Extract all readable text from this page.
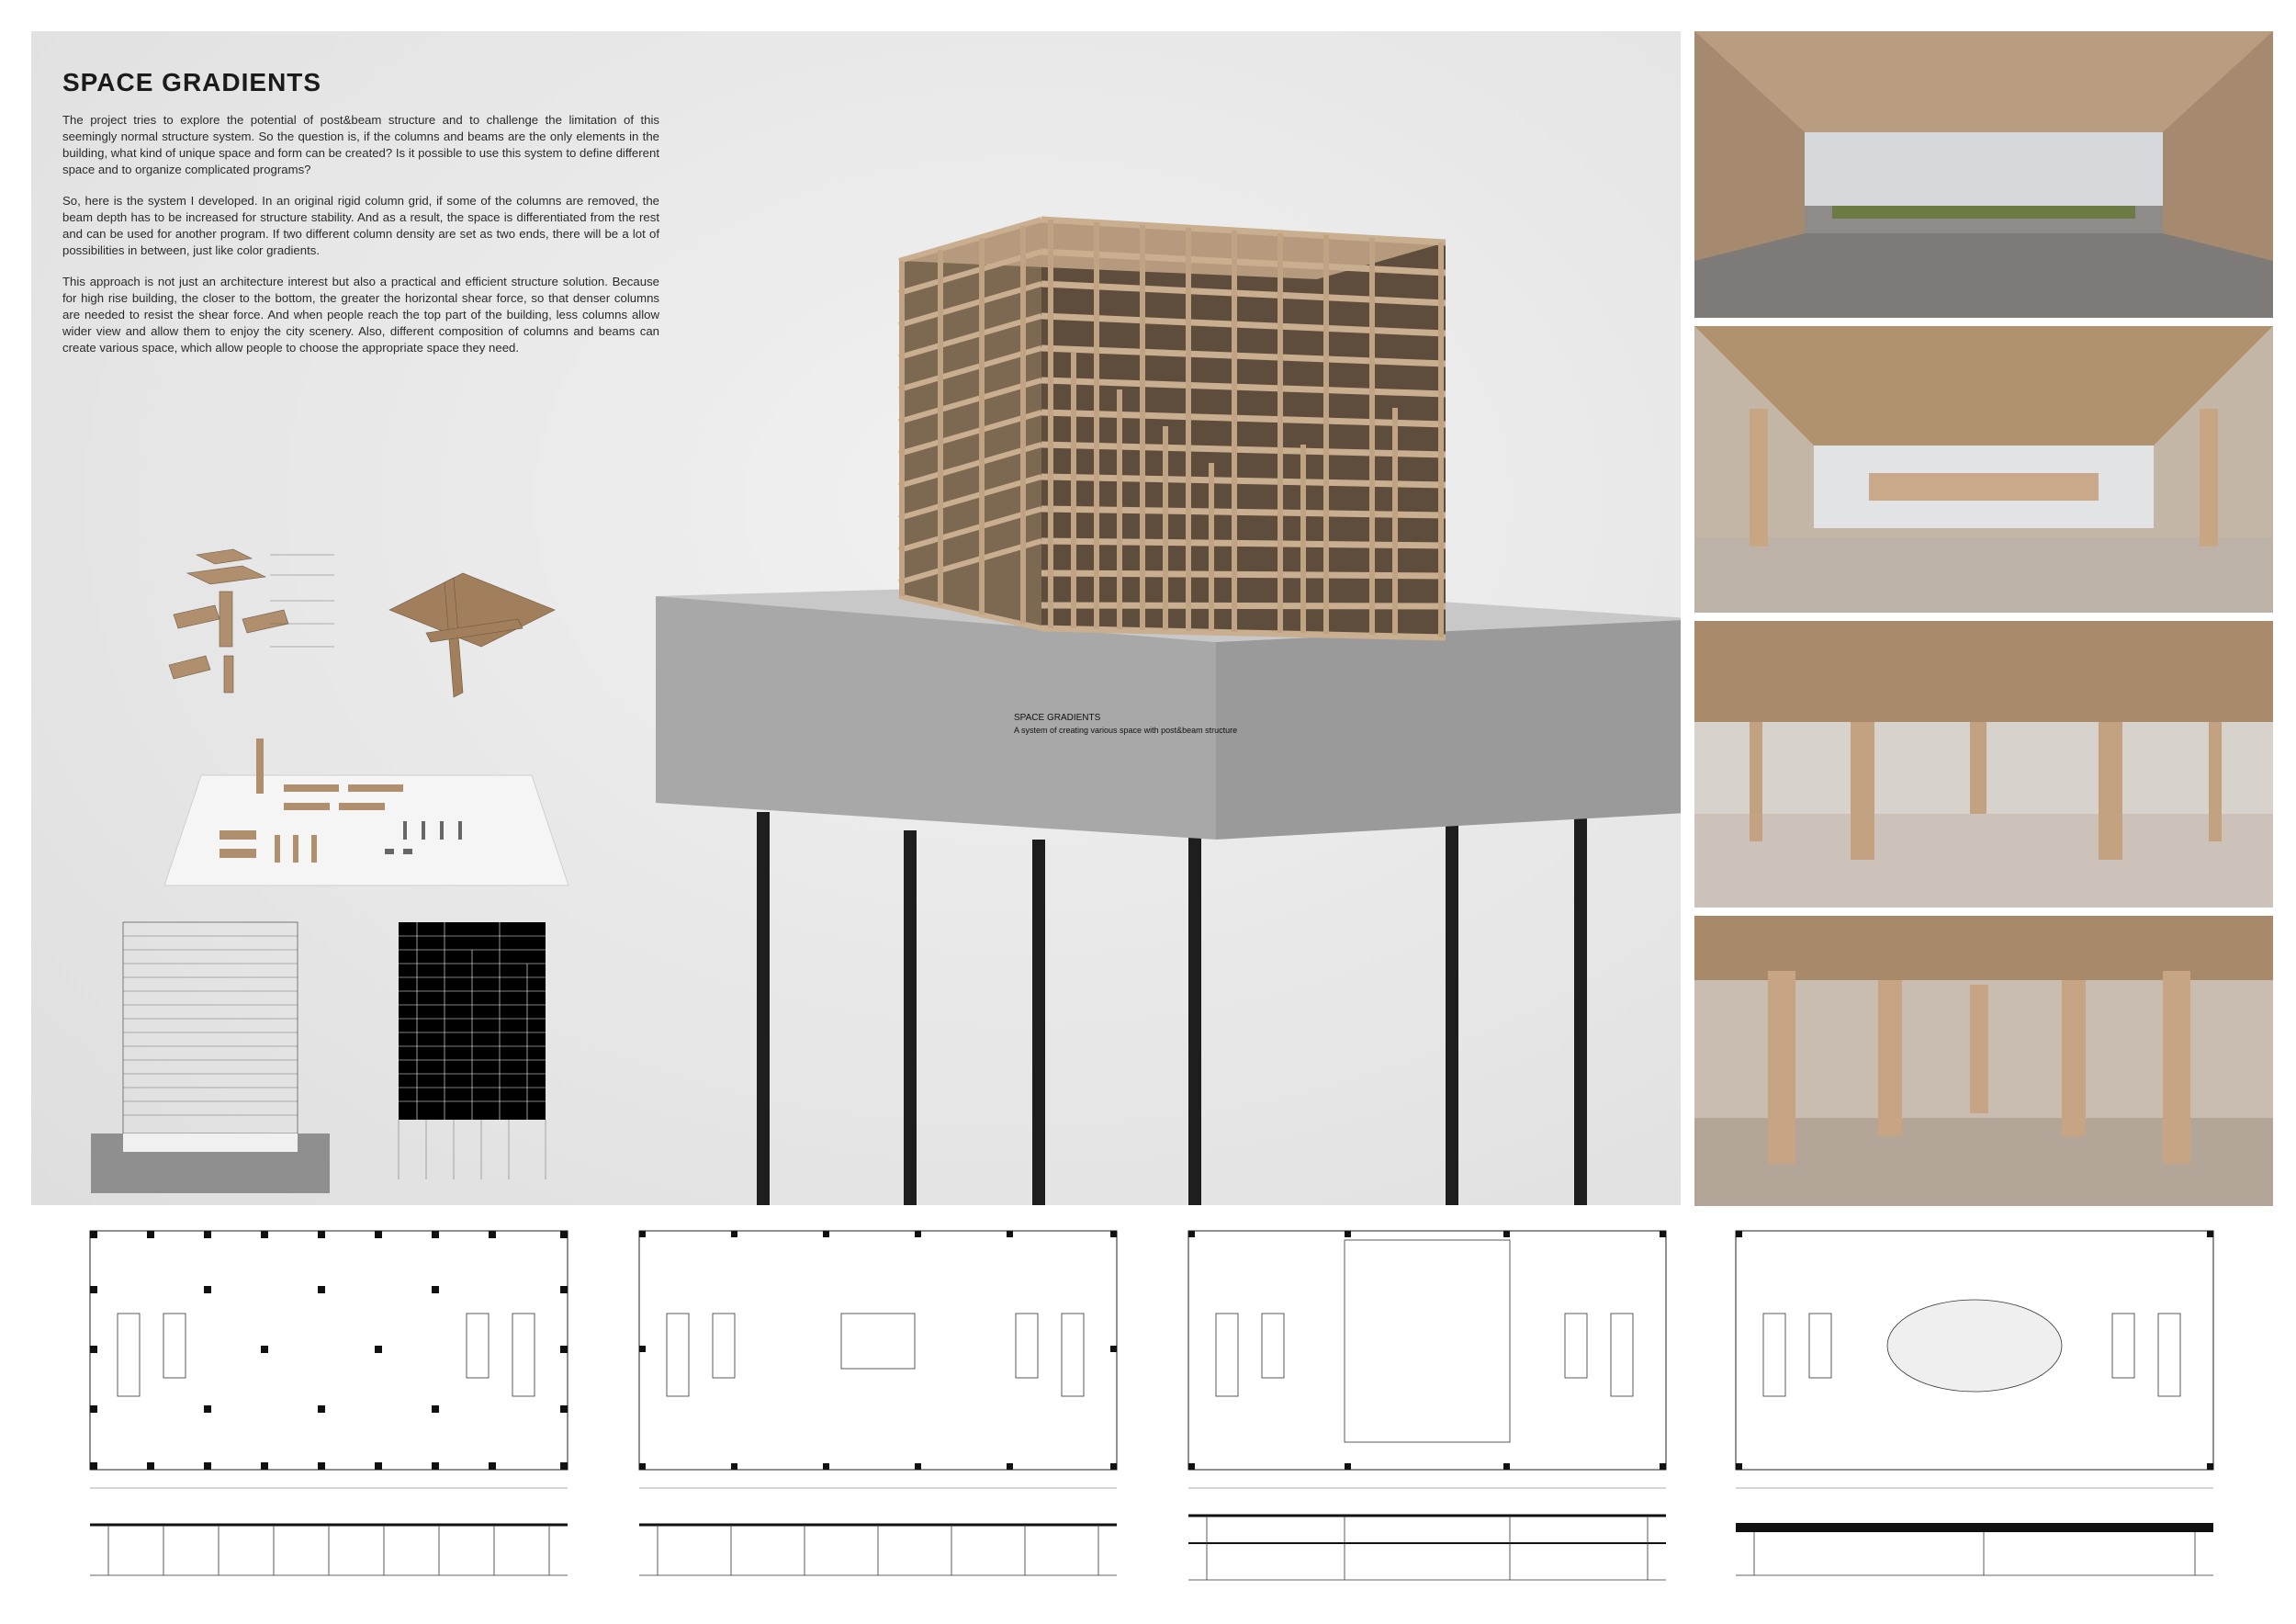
SPACE GRADIENTS

The project tries to explore the potential of post&beam structure and to challenge the limitation of this seemingly normal structure system. So the question is, if the columns and beams are the only elements in the building, what kind of unique space and form can be created? Is it possible to use this system to define different space and to organize complicated programs?

So, here is the system I developed. In an original rigid column grid, if some of the columns are removed, the beam depth has to be increased for structure stability. And as a result, the space is differentiated from the rest and can be used for another program. If two different column density are set as two ends, there will be a lot of possibilities in between, just like color gradients.

This approach is not just an architecture interest but also a practical and efficient structure solution. Because for high rise building, the closer to the bottom, the greater the horizontal shear force, so that denser columns are needed to resist the shear force. And when people reach the top part of the building, less columns allow wider view and allow them to enjoy the city scenery. Also, different composition of columns and beams can create various space, which allow people to choose the appropriate space they need.

SPACE GRADIENTS
A system of creating various space with post&beam structure
